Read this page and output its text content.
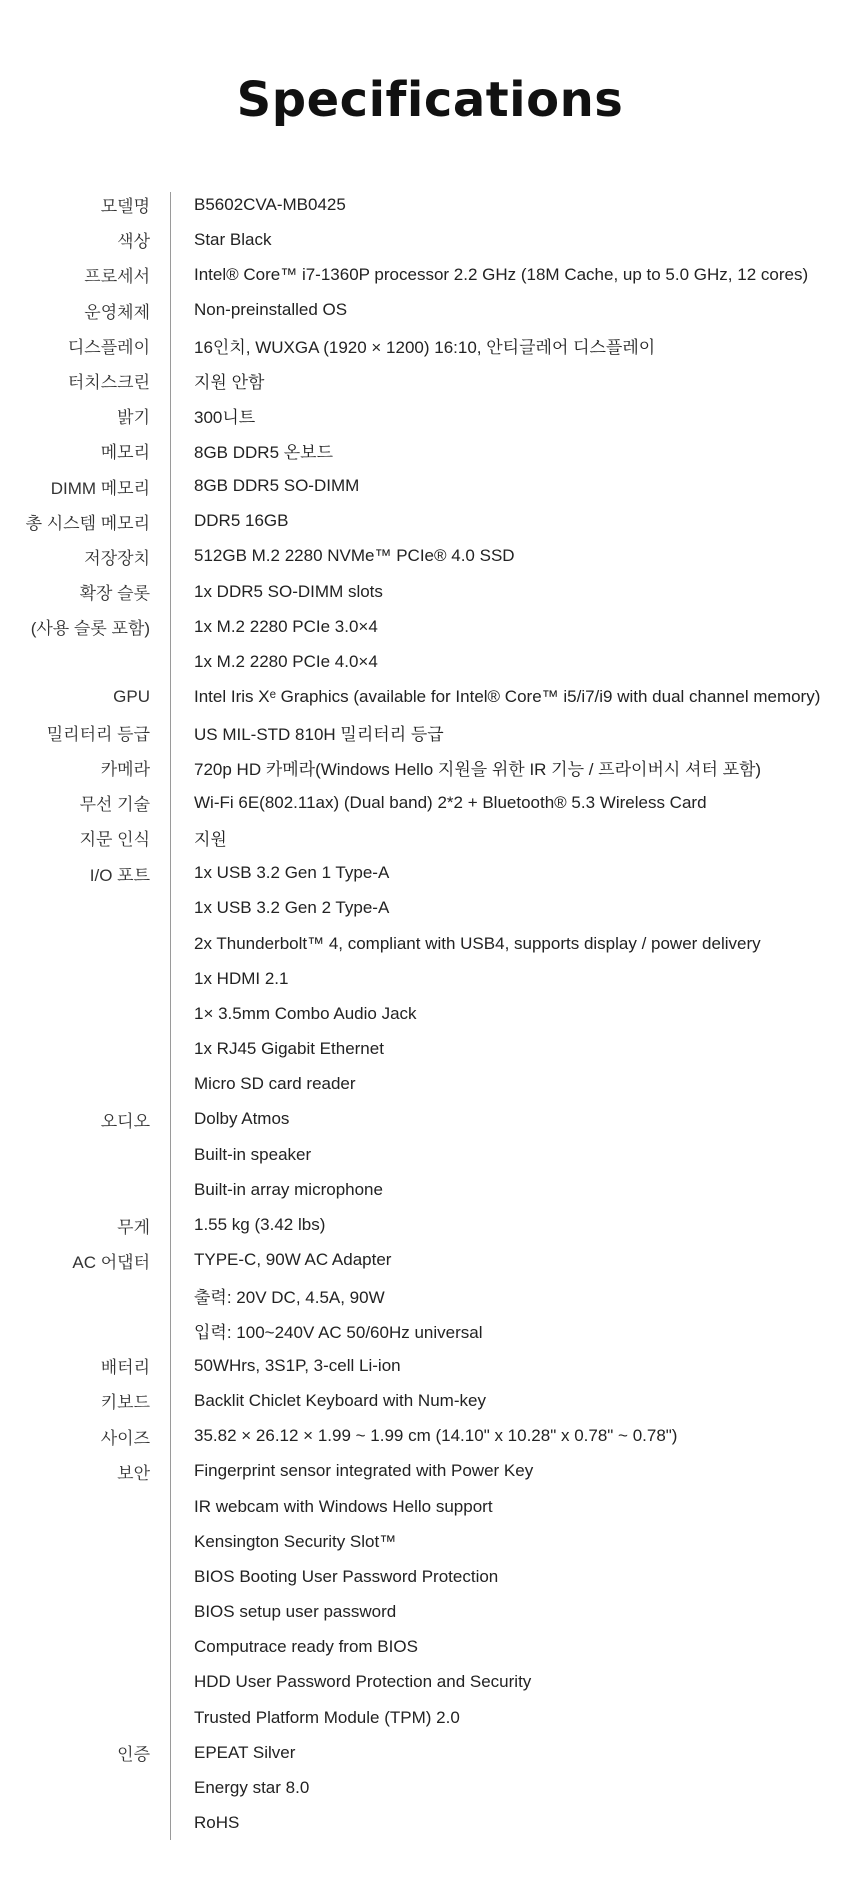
Specifications
모델명	B5602CVA-MB0425
색상	Star Black
프로세서	Intel® Core™ i7-1360P processor 2.2 GHz (18M Cache, up to 5.0 GHz, 12 cores)
운영체제	Non-preinstalled OS
디스플레이	16인치, WUXGA (1920 × 1200) 16:10, 안티글레어 디스플레이
터치스크린	지원 안함
밝기	300니트
메모리	8GB DDR5 온보드
DIMM 메모리	8GB DDR5 SO-DIMM
총 시스템 메모리	DDR5 16GB
저장장치	512GB M.2 2280 NVMe™ PCIe® 4.0 SSD
확장 슬롯	1x DDR5 SO-DIMM slots
(사용 슬롯 포함)	1x M.2 2280 PCIe 3.0×4
1x M.2 2280 PCIe 4.0×4
GPU	Intel Iris Xᵉ Graphics (available for Intel® Core™ i5/i7/i9 with dual channel memory)
밀리터리 등급	US MIL-STD 810H 밀리터리 등급
카메라	720p HD 카메라(Windows Hello 지원을 위한 IR 기능 / 프라이버시 셔터 포함)
무선 기술	Wi-Fi 6E(802.11ax) (Dual band) 2*2 + Bluetooth® 5.3 Wireless Card
지문 인식	지원
I/O 포트	1x USB 3.2 Gen 1 Type-A
1x USB 3.2 Gen 2 Type-A
2x Thunderbolt™ 4, compliant with USB4, supports display / power delivery
1x HDMI 2.1
1× 3.5mm Combo Audio Jack
1x RJ45 Gigabit Ethernet
Micro SD card reader
오디오	Dolby Atmos
Built-in speaker
Built-in array microphone
무게	1.55 kg (3.42 lbs)
AC 어댑터	TYPE-C, 90W AC Adapter
출력: 20V DC, 4.5A, 90W
입력: 100~240V AC 50/60Hz universal
배터리	50WHrs, 3S1P, 3-cell Li-ion
키보드	Backlit Chiclet Keyboard with Num-key
사이즈	35.82 × 26.12 × 1.99 ~ 1.99 cm (14.10" x 10.28" x 0.78" ~ 0.78")
보안	Fingerprint sensor integrated with Power Key
IR webcam with Windows Hello support
Kensington Security Slot™
BIOS Booting User Password Protection
BIOS setup user password
Computrace ready from BIOS
HDD User Password Protection and Security
Trusted Platform Module (TPM) 2.0
인증	EPEAT Silver
Energy star 8.0
RoHS
